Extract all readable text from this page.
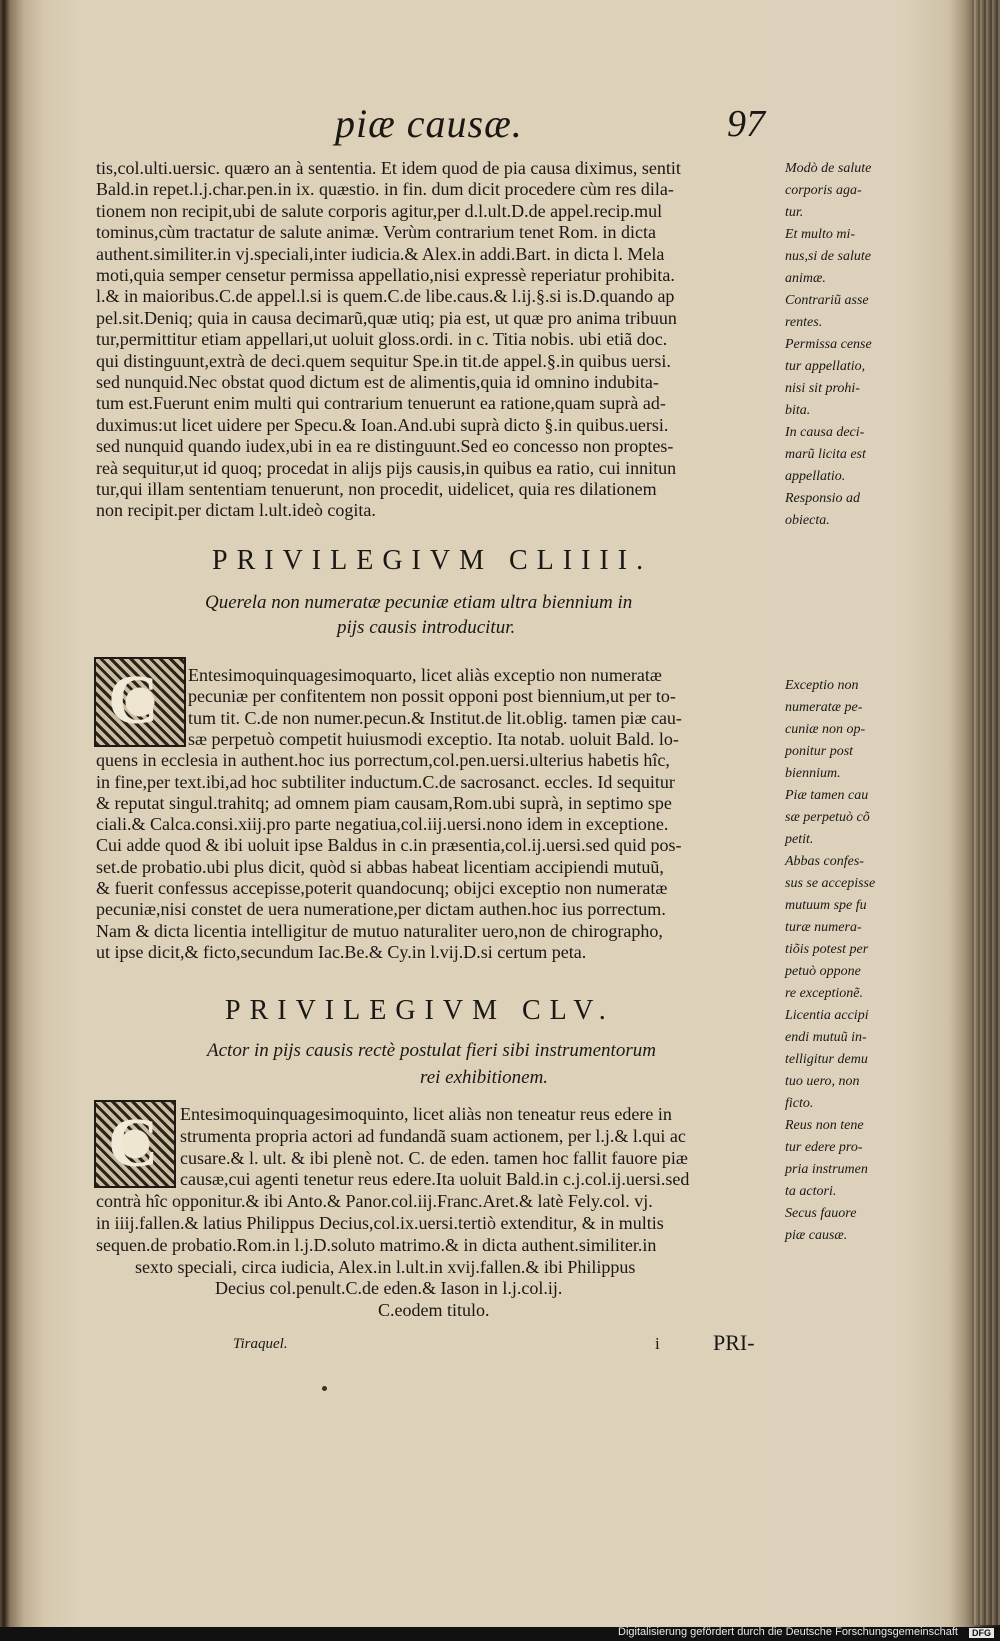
piæ causæ.	97
tis,col.ulti.uersic. quæro an à sententia. Et idem quod de pia causa diximus, sentit
Bald.in repet.l.j.char.pen.in ix. quæstio. in fin. dum dicit procedere cùm res dila-
tionem non recipit,ubi de salute corporis agitur,per d.l.ult.D.de appel.recip.mul
tominus,cùm tractatur de salute animæ. Verùm contrarium tenet Rom. in dicta
authent.similiter.in vj.speciali,inter iudicia.& Alex.in addi.Bart. in dicta l. Mela
moti,quia semper censetur permissa appellatio,nisi expressè reperiatur prohibita.
l.& in maioribus.C.de appel.l.si is quem.C.de libe.caus.& l.ij.§.si is.D.quando ap
pel.sit.Deniq; quia in causa decimarũ,quæ utiq; pia est, ut quæ pro anima tribuun
tur,permittitur etiam appellari,ut uoluit gloss.ordi. in c. Titia nobis. ubi etiã doc.
qui distinguunt,extrà de deci.quem sequitur Spe.in tit.de appel.§.in quibus uersi.
sed nunquid.Nec obstat quod dictum est de alimentis,quia id omnino indubita-
tum est.Fuerunt enim multi qui contrarium tenuerunt ea ratione,quam suprà ad-
duximus:ut licet uidere per Specu.& Ioan.And.ubi suprà dicto §.in quibus.uersi.
sed nunquid quando iudex,ubi in ea re distinguunt.Sed eo concesso non proptes-
reà sequitur,ut id quoq; procedat in alijs pijs causis,in quibus ea ratio, cui innitun
tur,qui illam sententiam tenuerunt, non procedit, uidelicet, quia res dilationem
non recipit.per dictam l.ult.ideò cogita.
Modò de salute
corporis aga-
tur.
Et multo mi-
nus,si de salute
animæ.
Contrariũ asse
rentes.
Permissa cense
tur appellatio,
nisi sit prohi-
bita.
In causa deci-
marũ licita est
appellatio.
Responsio ad
obiecta.
PRIVILEGIVM CLIIII.
Querela non numeratæ pecuniæ etiam ultra biennium in
pijs causis introducitur.
C Entesimoquinquagesimoquarto, licet aliàs exceptio non numeratæ
pecuniæ per confitentem non possit opponi post biennium,ut per to-
tum tit. C.de non numer.pecun.& Institut.de lit.oblig. tamen piæ cau-
sæ perpetuò competit huiusmodi exceptio. Ita notab. uoluit Bald. lo-
quens in ecclesia in authent.hoc ius porrectum,col.pen.uersi.ulterius habetis hîc,
in fine,per text.ibi,ad hoc subtiliter inductum.C.de sacrosanct. eccles. Id sequitur
& reputat singul.trahitq; ad omnem piam causam,Rom.ubi suprà, in septimo spe
ciali.& Calca.consi.xiij.pro parte negatiua,col.iij.uersi.nono idem in exceptione.
Cui adde quod & ibi uoluit ipse Baldus in c.in præsentia,col.ij.uersi.sed quid pos-
set.de probatio.ubi plus dicit, quòd si abbas habeat licentiam accipiendi mutuũ,
& fuerit confessus accepisse,poterit quandocunq; obijci exceptio non numeratæ
pecuniæ,nisi constet de uera numeratione,per dictam authen.hoc ius porrectum.
Nam & dicta licentia intelligitur de mutuo naturaliter uero,non de chirographo,
ut ipse dicit,& ficto,secundum Iac.Be.& Cy.in l.vij.D.si certum peta.
Exceptio non
numeratæ pe-
cuniæ non op-
ponitur post
biennium.
Piæ tamen cau
sæ perpetuò cõ
petit.
Abbas confes-
sus se accepisse
mutuum spe fu
turæ numera-
tiõis potest per
petuò oppone
re exceptionẽ.
Licentia accipi
endi mutuũ in-
telligitur demu
tuo uero, non
ficto.
Reus non tene
tur edere pro-
pria instrumen
ta actori.
Secus fauore
piæ causæ.
PRIVILEGIVM CLV.
Actor in pijs causis rectè postulat fieri sibi instrumentorum
rei exhibitionem.
C Entesimoquinquagesimoquinto, licet aliàs non teneatur reus edere in
strumenta propria actori ad fundandã suam actionem, per l.j.& l.qui ac
cusare.& l. ult. & ibi plenè not. C. de eden. tamen hoc fallit fauore piæ
causæ,cui agenti tenetur reus edere.Ita uoluit Bald.in c.j.col.ij.uersi.sed
contrà hîc opponitur.& ibi Anto.& Panor.col.iij.Franc.Aret.& latè Fely.col. vj.
in iiij.fallen.& latius Philippus Decius,col.ix.uersi.tertiò extenditur, & in multis
sequen.de probatio.Rom.in l.j.D.soluto matrimo.& in dicta authent.similiter.in
sexto speciali, circa iudicia, Alex.in l.ult.in xvij.fallen.& ibi Philippus
Decius col.penult.C.de eden.& Iason in l.j.col.ij.
C.eodem titulo.
Tiraquel.	i PRI-
Digitalisierung gefördert durch die Deutsche Forschungsgemeinschaft	DFG
